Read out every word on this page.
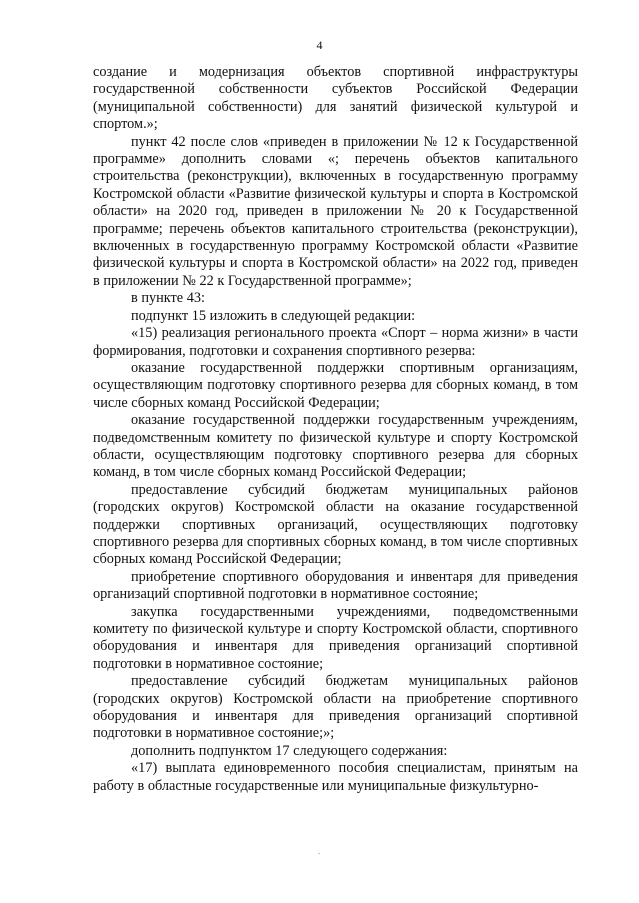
4

создание и модернизация объектов спортивной инфраструктуры государственной собственности субъектов Российской Федерации (муниципальной собственности) для занятий физической культурой и спортом.»;

пункт 42 после слов «приведен в приложении № 12 к Государственной программе» дополнить словами «; перечень объектов капитального строительства (реконструкции), включенных в государственную программу Костромской области «Развитие физической культуры и спорта в Костромской области» на 2020 год, приведен в приложении № 20 к Государственной программе; перечень объектов капитального строительства (реконструкции), включенных в государственную программу Костромской области «Развитие физической культуры и спорта в Костромской области» на 2022 год, приведен в приложении № 22 к Государственной программе»;

в пункте 43:

подпункт 15 изложить в следующей редакции:

«15) реализация регионального проекта «Спорт – норма жизни» в части формирования, подготовки и сохранения спортивного резерва:

оказание государственной поддержки спортивным организациям, осуществляющим подготовку спортивного резерва для сборных команд, в том числе сборных команд Российской Федерации;

оказание государственной поддержки государственным учреждениям, подведомственным комитету по физической культуре и спорту Костромской области, осуществляющим подготовку спортивного резерва для сборных команд, в том числе сборных команд Российской Федерации;

предоставление субсидий бюджетам муниципальных районов (городских округов) Костромской области на оказание государственной поддержки спортивных организаций, осуществляющих подготовку спортивного резерва для спортивных сборных команд, в том числе спортивных сборных команд Российской Федерации;

приобретение спортивного оборудования и инвентаря для приведения организаций спортивной подготовки в нормативное состояние;

закупка государственными учреждениями, подведомственными комитету по физической культуре и спорту Костромской области, спортивного оборудования и инвентаря для приведения организаций спортивной подготовки в нормативное состояние;

предоставление субсидий бюджетам муниципальных районов (городских округов) Костромской области на приобретение спортивного оборудования и инвентаря для приведения организаций спортивной подготовки в нормативное состояние;»;

дополнить подпунктом 17 следующего содержания:

«17) выплата единовременного пособия специалистам, принятым на работу в областные государственные или муниципальные физкультурно-
